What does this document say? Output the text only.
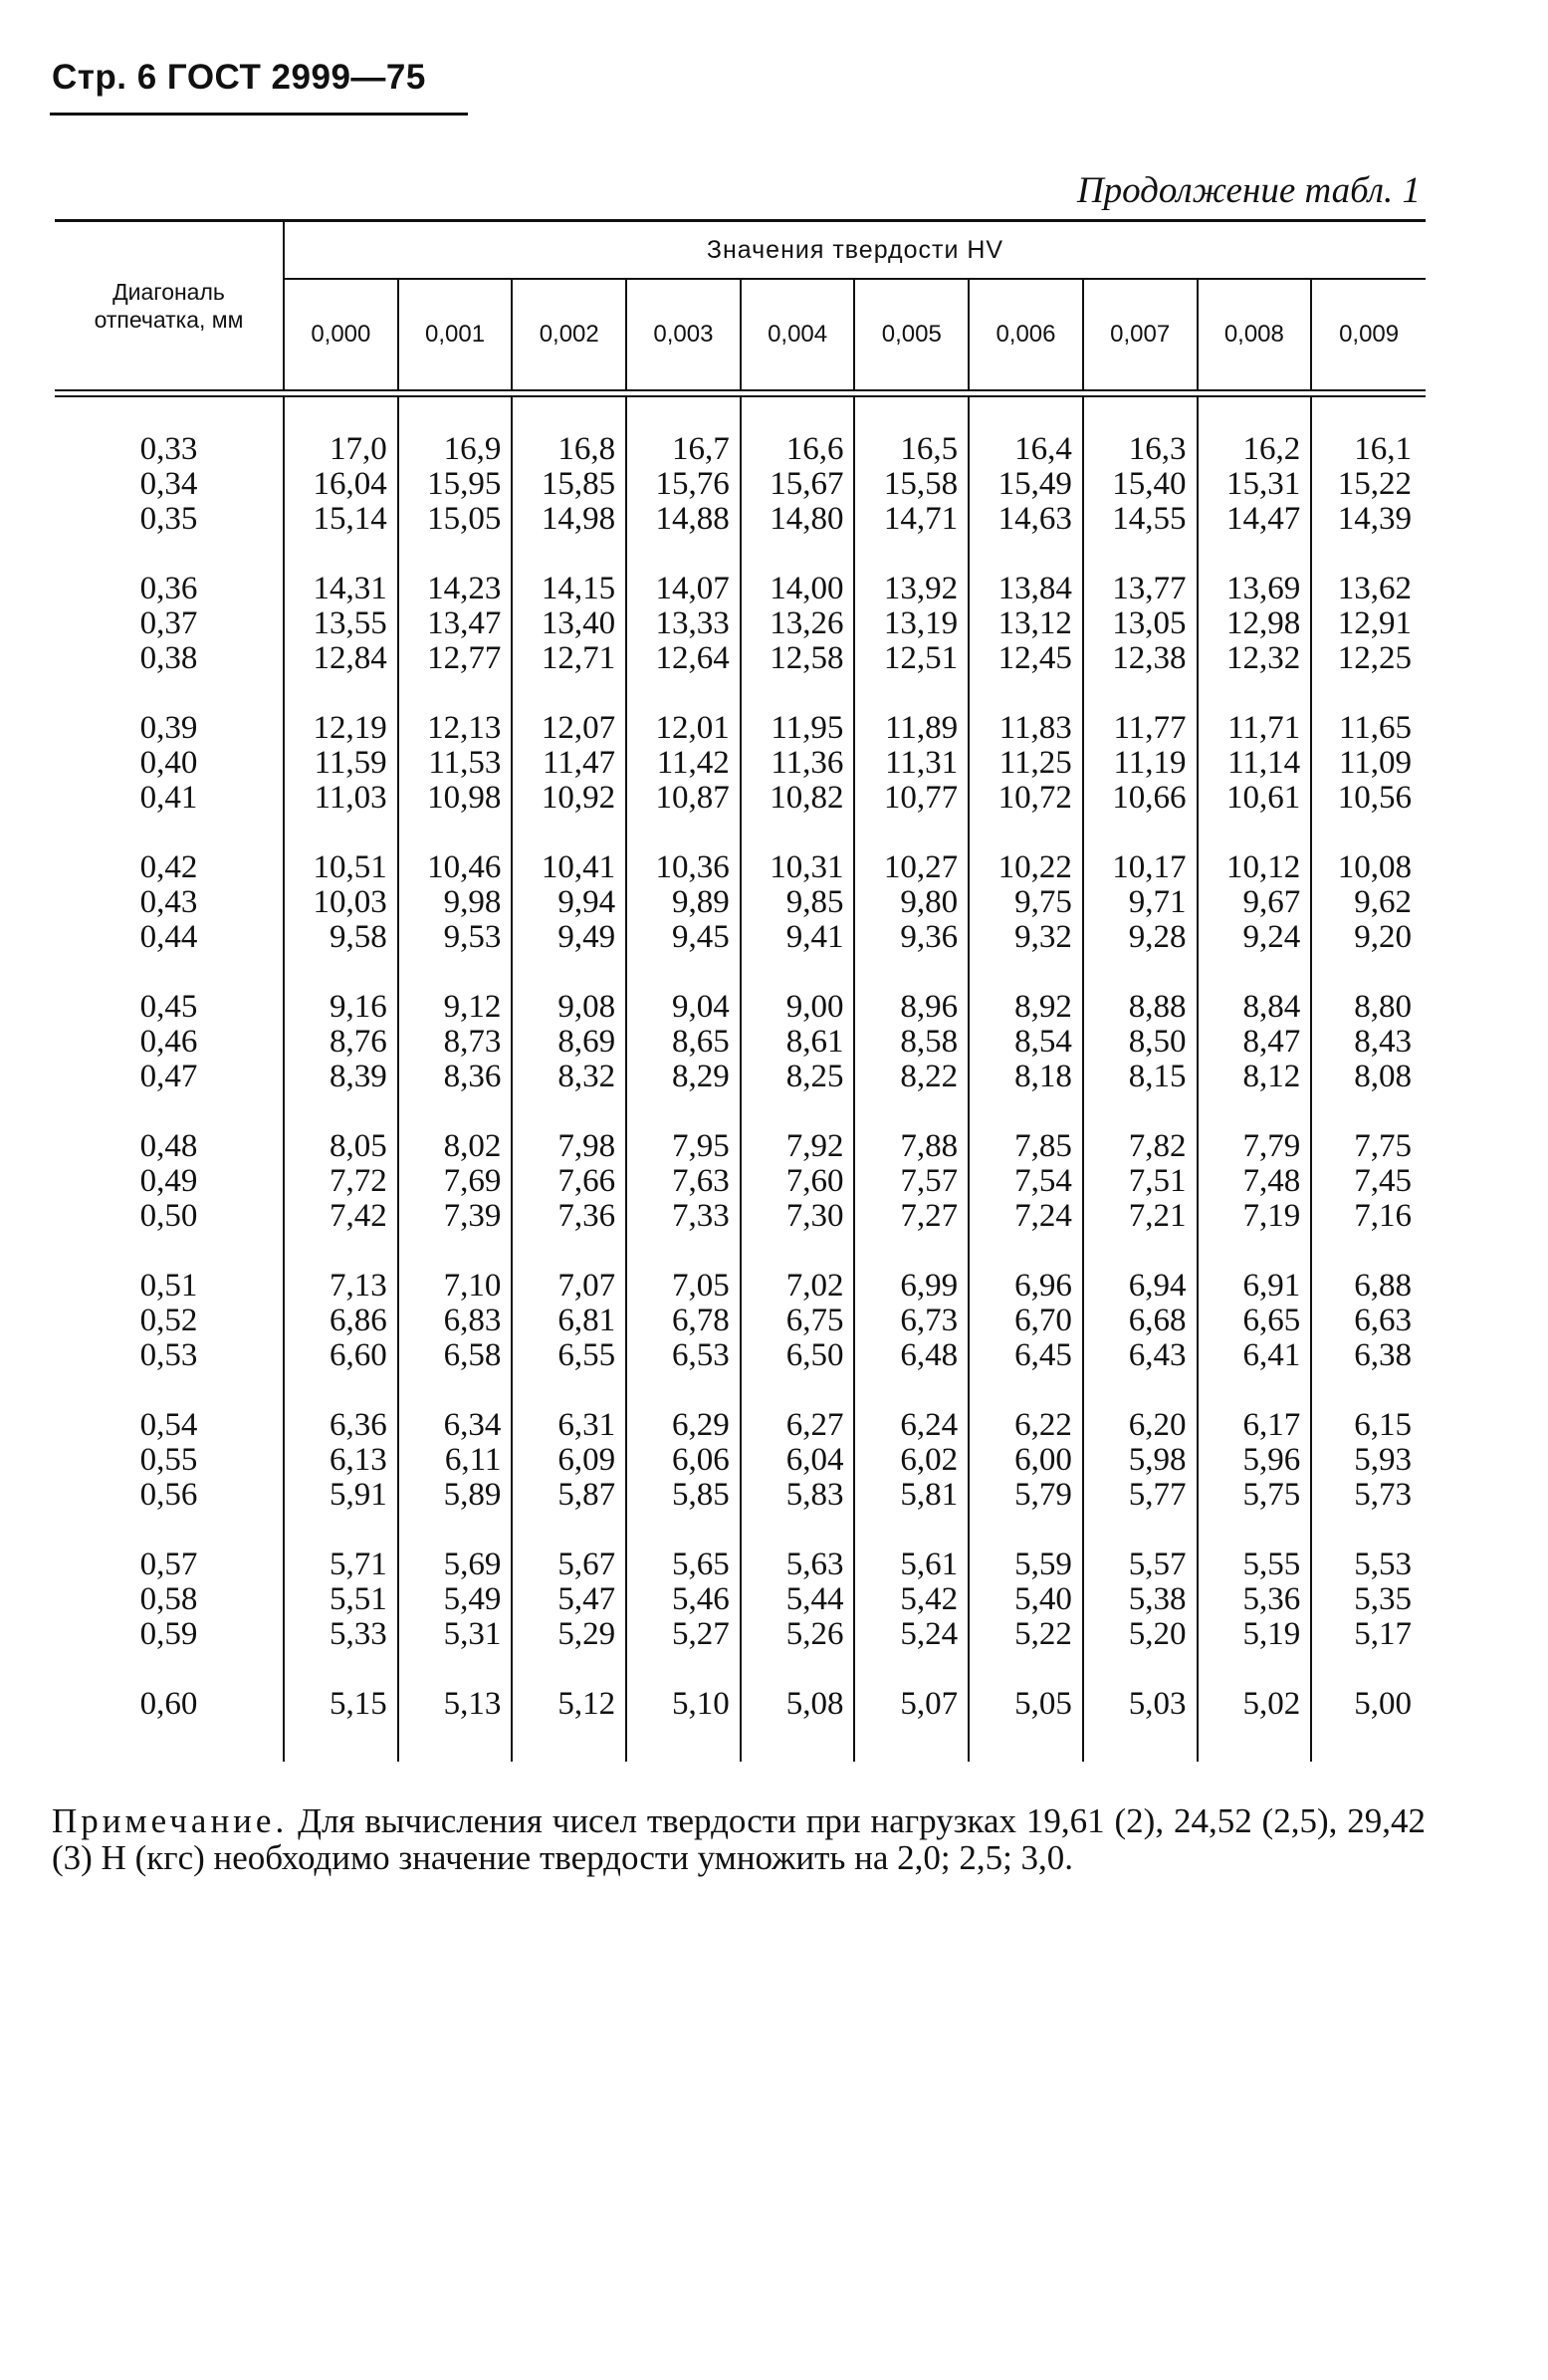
Стр. 6 ГОСТ 2999—75
Продолжение табл. 1
Диагональ отпечатка, мм	Значения твердости HV									
	0,000	0,001	0,002	0,003	0,004	0,005	0,006	0,007	0,008	0,009

0,33	17,0	16,9	16,8	16,7	16,6	16,5	16,4	16,3	16,2	16,1
0,34	16,04	15,95	15,85	15,76	15,67	15,58	15,49	15,40	15,31	15,22
0,35	15,14	15,05	14,98	14,88	14,80	14,71	14,63	14,55	14,47	14,39

0,36	14,31	14,23	14,15	14,07	14,00	13,92	13,84	13,77	13,69	13,62
0,37	13,55	13,47	13,40	13,33	13,26	13,19	13,12	13,05	12,98	12,91
0,38	12,84	12,77	12,71	12,64	12,58	12,51	12,45	12,38	12,32	12,25

0,39	12,19	12,13	12,07	12,01	11,95	11,89	11,83	11,77	11,71	11,65
0,40	11,59	11,53	11,47	11,42	11,36	11,31	11,25	11,19	11,14	11,09
0,41	11,03	10,98	10,92	10,87	10,82	10,77	10,72	10,66	10,61	10,56

0,42	10,51	10,46	10,41	10,36	10,31	10,27	10,22	10,17	10,12	10,08
0,43	10,03	9,98	9,94	9,89	9,85	9,80	9,75	9,71	9,67	9,62
0,44	9,58	9,53	9,49	9,45	9,41	9,36	9,32	9,28	9,24	9,20

0,45	9,16	9,12	9,08	9,04	9,00	8,96	8,92	8,88	8,84	8,80
0,46	8,76	8,73	8,69	8,65	8,61	8,58	8,54	8,50	8,47	8,43
0,47	8,39	8,36	8,32	8,29	8,25	8,22	8,18	8,15	8,12	8,08

0,48	8,05	8,02	7,98	7,95	7,92	7,88	7,85	7,82	7,79	7,75
0,49	7,72	7,69	7,66	7,63	7,60	7,57	7,54	7,51	7,48	7,45
0,50	7,42	7,39	7,36	7,33	7,30	7,27	7,24	7,21	7,19	7,16

0,51	7,13	7,10	7,07	7,05	7,02	6,99	6,96	6,94	6,91	6,88
0,52	6,86	6,83	6,81	6,78	6,75	6,73	6,70	6,68	6,65	6,63
0,53	6,60	6,58	6,55	6,53	6,50	6,48	6,45	6,43	6,41	6,38

0,54	6,36	6,34	6,31	6,29	6,27	6,24	6,22	6,20	6,17	6,15
0,55	6,13	6,11	6,09	6,06	6,04	6,02	6,00	5,98	5,96	5,93
0,56	5,91	5,89	5,87	5,85	5,83	5,81	5,79	5,77	5,75	5,73

0,57	5,71	5,69	5,67	5,65	5,63	5,61	5,59	5,57	5,55	5,53
0,58	5,51	5,49	5,47	5,46	5,44	5,42	5,40	5,38	5,36	5,35
0,59	5,33	5,31	5,29	5,27	5,26	5,24	5,22	5,20	5,19	5,17

0,60	5,15	5,13	5,12	5,10	5,08	5,07	5,05	5,03	5,02	5,00

Примечание. Для вычисления чисел твердости при нагрузках 19,61 (2), 24,52 (2,5), 29,42 (3) Н (кгс) необходимо значение твердости умножить на 2,0; 2,5; 3,0.
